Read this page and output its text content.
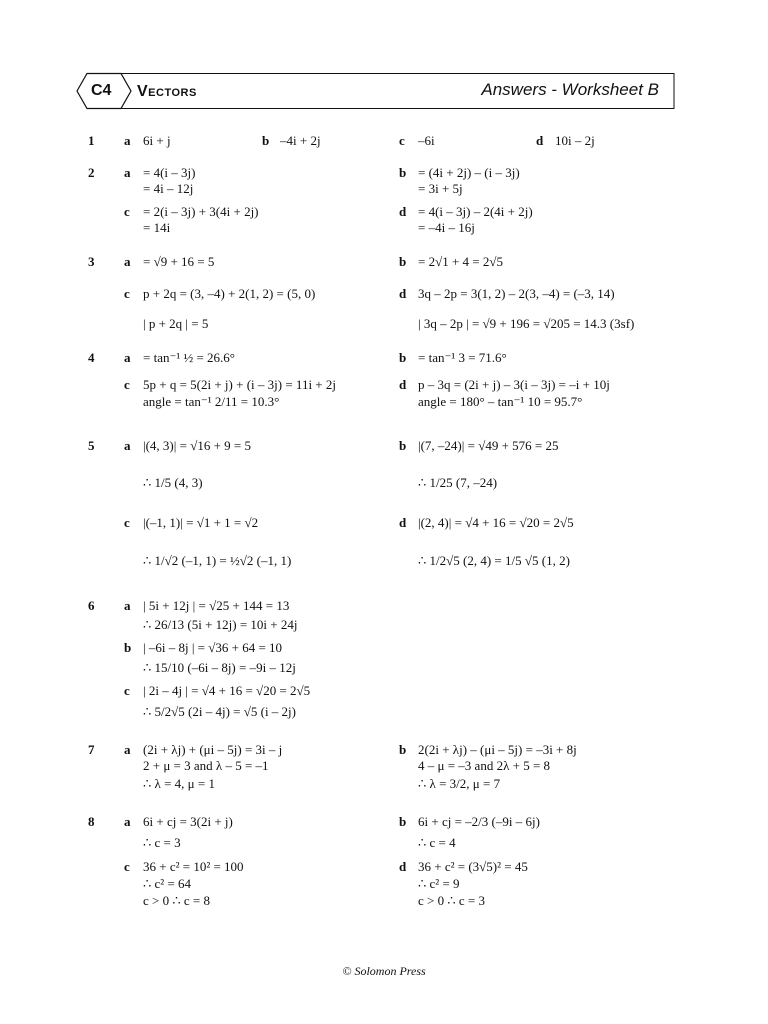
C4 Vectors	Answers - Worksheet B
1 a 6i + j	b –4i + 2j	c –6i	d 10i – 2j
2 a = 4(i – 3j)
= 4i – 12j
b = (4i + 2j) – (i – 3j)
= 3i + 5j
c = 2(i – 3j) + 3(4i + 2j)
= 14i
d = 4(i – 3j) – 2(4i + 2j)
= –4i – 16j
3 a = √9 + 16 = 5	b = 2√1 + 4 = 2√5
c p + 2q = (3, –4) + 2(1, 2) = (5, 0)
| p + 2q | = 5
d 3q – 2p = 3(1, 2) – 2(3, –4) = (–3, 14)
| 3q – 2p | = √9 + 196 = √205 = 14.3 (3sf)
4 a = tan⁻¹ ½ = 26.6°	b = tan⁻¹ 3 = 71.6°
c 5p + q = 5(2i + j) + (i – 3j) = 11i + 2j
angle = tan⁻¹ 2/11 = 10.3°
d p – 3q = (2i + j) – 3(i – 3j) = –i + 10j
angle = 180° – tan⁻¹ 10 = 95.7°
5 a |(4, 3)| = √16 + 9 = 5
∴ 1/5 (4, 3)
b |(7, –24)| = √49 + 576 = 25
∴ 1/25 (7, –24)
c |(–1, 1)| = √1 + 1 = √2
∴ 1/√2 (–1, 1) = ½√2 (–1, 1)
d |(2, 4)| = √4 + 16 = √20 = 2√5
∴ 1/2√5 (2, 4) = 1/5 √5 (1, 2)
6 a | 5i + 12j | = √25 + 144 = 13
∴ 26/13 (5i + 12j) = 10i + 24j
b | –6i – 8j | = √36 + 64 = 10
∴ 15/10 (–6i – 8j) = –9i – 12j
c | 2i – 4j | = √4 + 16 = √20 = 2√5
∴ 5/2√5 (2i – 4j) = √5 (i – 2j)
7 a (2i + λj) + (μi – 5j) = 3i – j
2 + μ = 3 and λ – 5 = –1
∴ λ = 4, μ = 1
b 2(2i + λj) – (μi – 5j) = –3i + 8j
4 – μ = –3 and 2λ + 5 = 8
∴ λ = 3/2, μ = 7
8 a 6i + cj = 3(2i + j)
∴ c = 3
b 6i + cj = –2/3 (–9i – 6j)
∴ c = 4
c 36 + c² = 10² = 100
∴ c² = 64
c > 0 ∴ c = 8
d 36 + c² = (3√5)² = 45
∴ c² = 9
c > 0 ∴ c = 3
© Solomon Press
